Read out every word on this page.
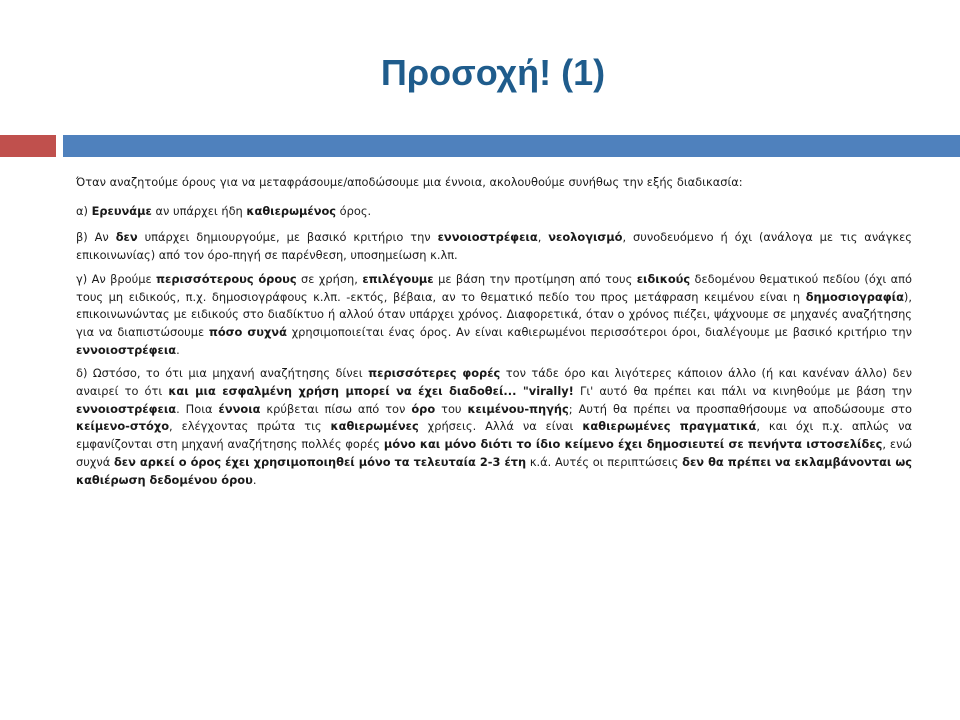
Προσοχή! (1)

Όταν αναζητούμε όρους για να μεταφράσουμε/αποδώσουμε μια έννοια, ακολουθούμε συνήθως την εξής διαδικασία:

α) Ερευνάμε αν υπάρχει ήδη καθιερωμένος όρος.

β) Αν δεν υπάρχει δημιουργούμε, με βασικό κριτήριο την εννοιοστρέφεια, νεολογισμό, συνοδευόμενο ή όχι (ανάλογα με τις ανάγκες επικοινωνίας) από τον όρο-πηγή σε παρένθεση, υποσημείωση κ.λπ.

γ) Αν βρούμε περισσότερους όρους σε χρήση, επιλέγουμε με βάση την προτίμηση από τους ειδικούς δεδομένου θεματικού πεδίου (όχι από τους μη ειδικούς, π.χ. δημοσιογράφους κ.λπ. -εκτός, βέβαια, αν το θεματικό πεδίο του προς μετάφραση κειμένου είναι η δημοσιογραφία), επικοινωνώντας με ειδικούς στο διαδίκτυο ή αλλού όταν υπάρχει χρόνος. Διαφορετικά, όταν ο χρόνος πιέζει, ψάχνουμε σε μηχανές αναζήτησης για να διαπιστώσουμε πόσο συχνά χρησιμοποιείται ένας όρος. Αν είναι καθιερωμένοι περισσότεροι όροι, διαλέγουμε με βασικό κριτήριο την εννοιοστρέφεια.

δ) Ωστόσο, το ότι μια μηχανή αναζήτησης δίνει περισσότερες φορές τον τάδε όρο και λιγότερες κάποιον άλλο (ή και κανέναν άλλο) δεν αναιρεί το ότι και μια εσφαλμένη χρήση μπορεί να έχει διαδοθεί... "virally! Γι' αυτό θα πρέπει και πάλι να κινηθούμε με βάση την εννοιοστρέφεια. Ποια έννοια κρύβεται πίσω από τον όρο του κειμένου-πηγής; Αυτή θα πρέπει να προσπαθήσουμε να αποδώσουμε στο κείμενο-στόχο, ελέγχοντας πρώτα τις καθιερωμένες χρήσεις. Αλλά να είναι καθιερωμένες πραγματικά, και όχι π.χ. απλώς να εμφανίζονται στη μηχανή αναζήτησης πολλές φορές μόνο και μόνο διότι το ίδιο κείμενο έχει δημοσιευτεί σε πενήντα ιστοσελίδες, ενώ συχνά δεν αρκεί ο όρος έχει χρησιμοποιηθεί μόνο τα τελευταία 2-3 έτη κ.ά. Αυτές οι περιπτώσεις δεν θα πρέπει να εκλαμβάνονται ως καθιέρωση δεδομένου όρου.
